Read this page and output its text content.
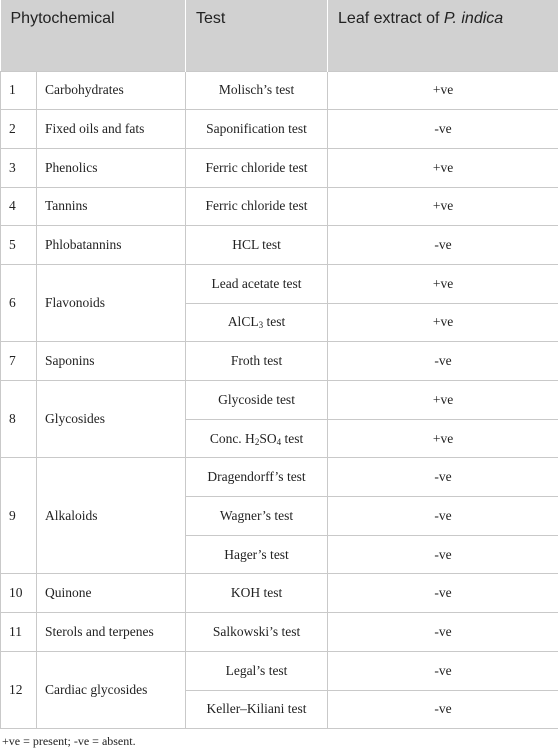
Phytochemical		Test	Leaf extract of P. indica
1	Carbohydrates	Molisch’s test	+ve
2	Fixed oils and fats	Saponification test	-ve
3	Phenolics	Ferric chloride test	+ve
4	Tannins	Ferric chloride test	+ve
5	Phlobatannins	HCL test	-ve
6	Flavonoids	Lead acetate test	+ve
		AlCL$_3$ test	+ve
7	Saponins	Froth test	-ve
8	Glycosides	Glycoside test	+ve
		Conc. $H_2SO_4$ test	+ve
9	Alkaloids	Dragendorff’s test	-ve
		Wagner’s test	-ve
		Hager’s test	-ve
10	Quinone	KOH test	-ve
11	Sterols and terpenes	Salkowski’s test	-ve
12	Cardiac glycosides	Legal’s test	-ve
		Keller–Kiliani test	-ve
+ve = present; -ve = absent.
